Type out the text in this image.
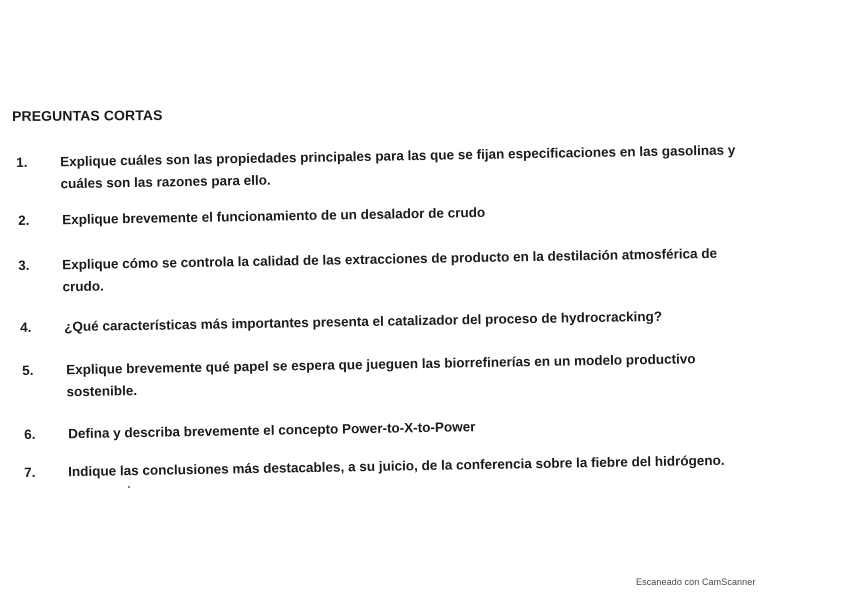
PREGUNTAS CORTAS
1. Explique cuáles son las propiedades principales para las que se fijan especificaciones en las gasolinas y
cuáles son las razones para ello.
2. Explique brevemente el funcionamiento de un desalador de crudo
3. Explique cómo se controla la calidad de las extracciones de producto en la destilación atmosférica de
crudo.
4. ¿Qué características más importantes presenta el catalizador del proceso de hydrocracking?
5. Explique brevemente qué papel se espera que jueguen las biorrefinerías en un modelo productivo
sostenible.
6. Defina y describa brevemente el concepto Power-to-X-to-Power
7. Indique las conclusiones más destacables, a su juicio, de la conferencia sobre la fiebre del hidrógeno.
Escaneado con CamScanner
